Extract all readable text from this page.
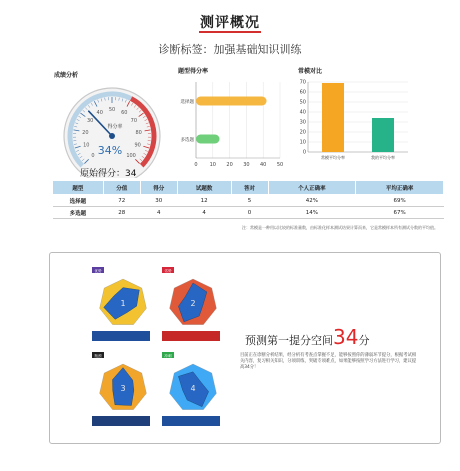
测评概况
诊断标签：加强基础知识训练
成绩分析
0
10
20
30
40 50 60
70
80
90
100
得分率
34%
题型得分率
0 10 20 30 40 50
选择题
多选题
常模对比
0
10
20
30
40
50
60
70
常模平均分率	我的平均分率
原始得分：34
题型	分值	得分	试题数	答对	个人正确率	平均正确率
选择题	72	30	12	5	42%	69%
多选题	28	4	4	0	14%	67%
注：常模是一种用以比较的标准量数，由标准化样本测试结果计算而来，它是常模样本所有测试分数的平均值。
优势
1
劣势
2
瓶颈
3
冲刺
4
预测第一提分空间34分
目前正在诊断分析结果，经分析有考查点掌握不足，能够按照你的薄弱环节提分，根据考试相关内容，复习相关知识，分项训练，突破专项难点，如果能够按照学习方法进行学习，建议提高34分！
